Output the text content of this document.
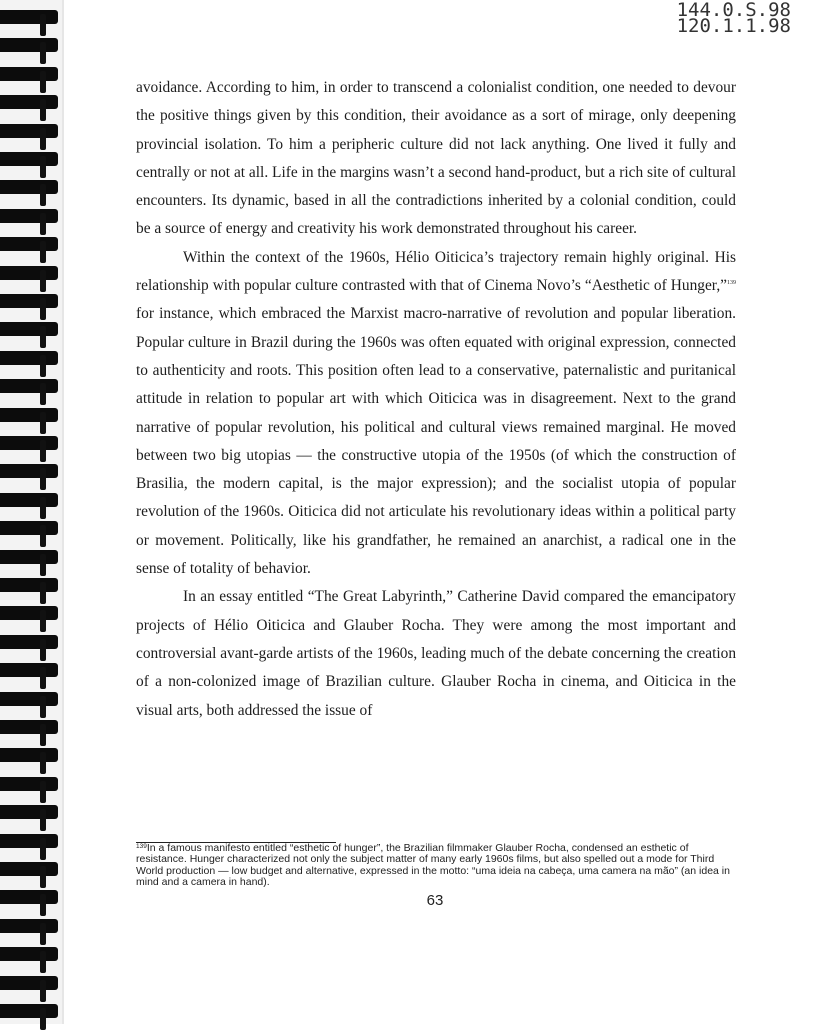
144.0.S.98
120.1.1.98

avoidance. According to him, in order to transcend a colonialist condition, one needed to devour the positive things given by this condition, their avoidance as a sort of mirage, only deepening provincial isolation. To him a peripheric culture did not lack anything. One lived it fully and centrally or not at all. Life in the margins wasn’t a second hand-product, but a rich site of cultural encounters. Its dynamic, based in all the contradictions inherited by a colonial condition, could be a source of energy and creativity his work demonstrated throughout his career.

Within the context of the 1960s, Hélio Oiticica’s trajectory remain highly original. His relationship with popular culture contrasted with that of Cinema Novo’s “Aesthetic of Hunger,”$^{139}$ for instance, which embraced the Marxist macro-narrative of revolution and popular liberation. Popular culture in Brazil during the 1960s was often equated with original expression, connected to authenticity and roots. This position often lead to a conservative, paternalistic and puritanical attitude in relation to popular art with which Oiticica was in disagreement. Next to the grand narrative of popular revolution, his political and cultural views remained marginal. He moved between two big utopias — the constructive utopia of the 1950s (of which the construction of Brasilia, the modern capital, is the major expression); and the socialist utopia of popular revolution of the 1960s. Oiticica did not articulate his revolutionary ideas within a political party or movement. Politically, like his grandfather, he remained an anarchist, a radical one in the sense of totality of behavior.

In an essay entitled “The Great Labyrinth,” Catherine David compared the emancipatory projects of Hélio Oiticica and Glauber Rocha. They were among the most important and controversial avant-garde artists of the 1960s, leading much of the debate concerning the creation of a non-colonized image of Brazilian culture. Glauber Rocha in cinema, and Oiticica in the visual arts, both addressed the issue of

$^{139}$In a famous manifesto entitled “esthetic of hunger”, the Brazilian filmmaker Glauber Rocha, condensed an esthetic of resistance. Hunger characterized not only the subject matter of many early 1960s films, but also spelled out a mode for Third World production — low budget and alternative, expressed in the motto: “uma ideia na cabeça, uma camera na mão” (an idea in mind and a camera in hand).
63
